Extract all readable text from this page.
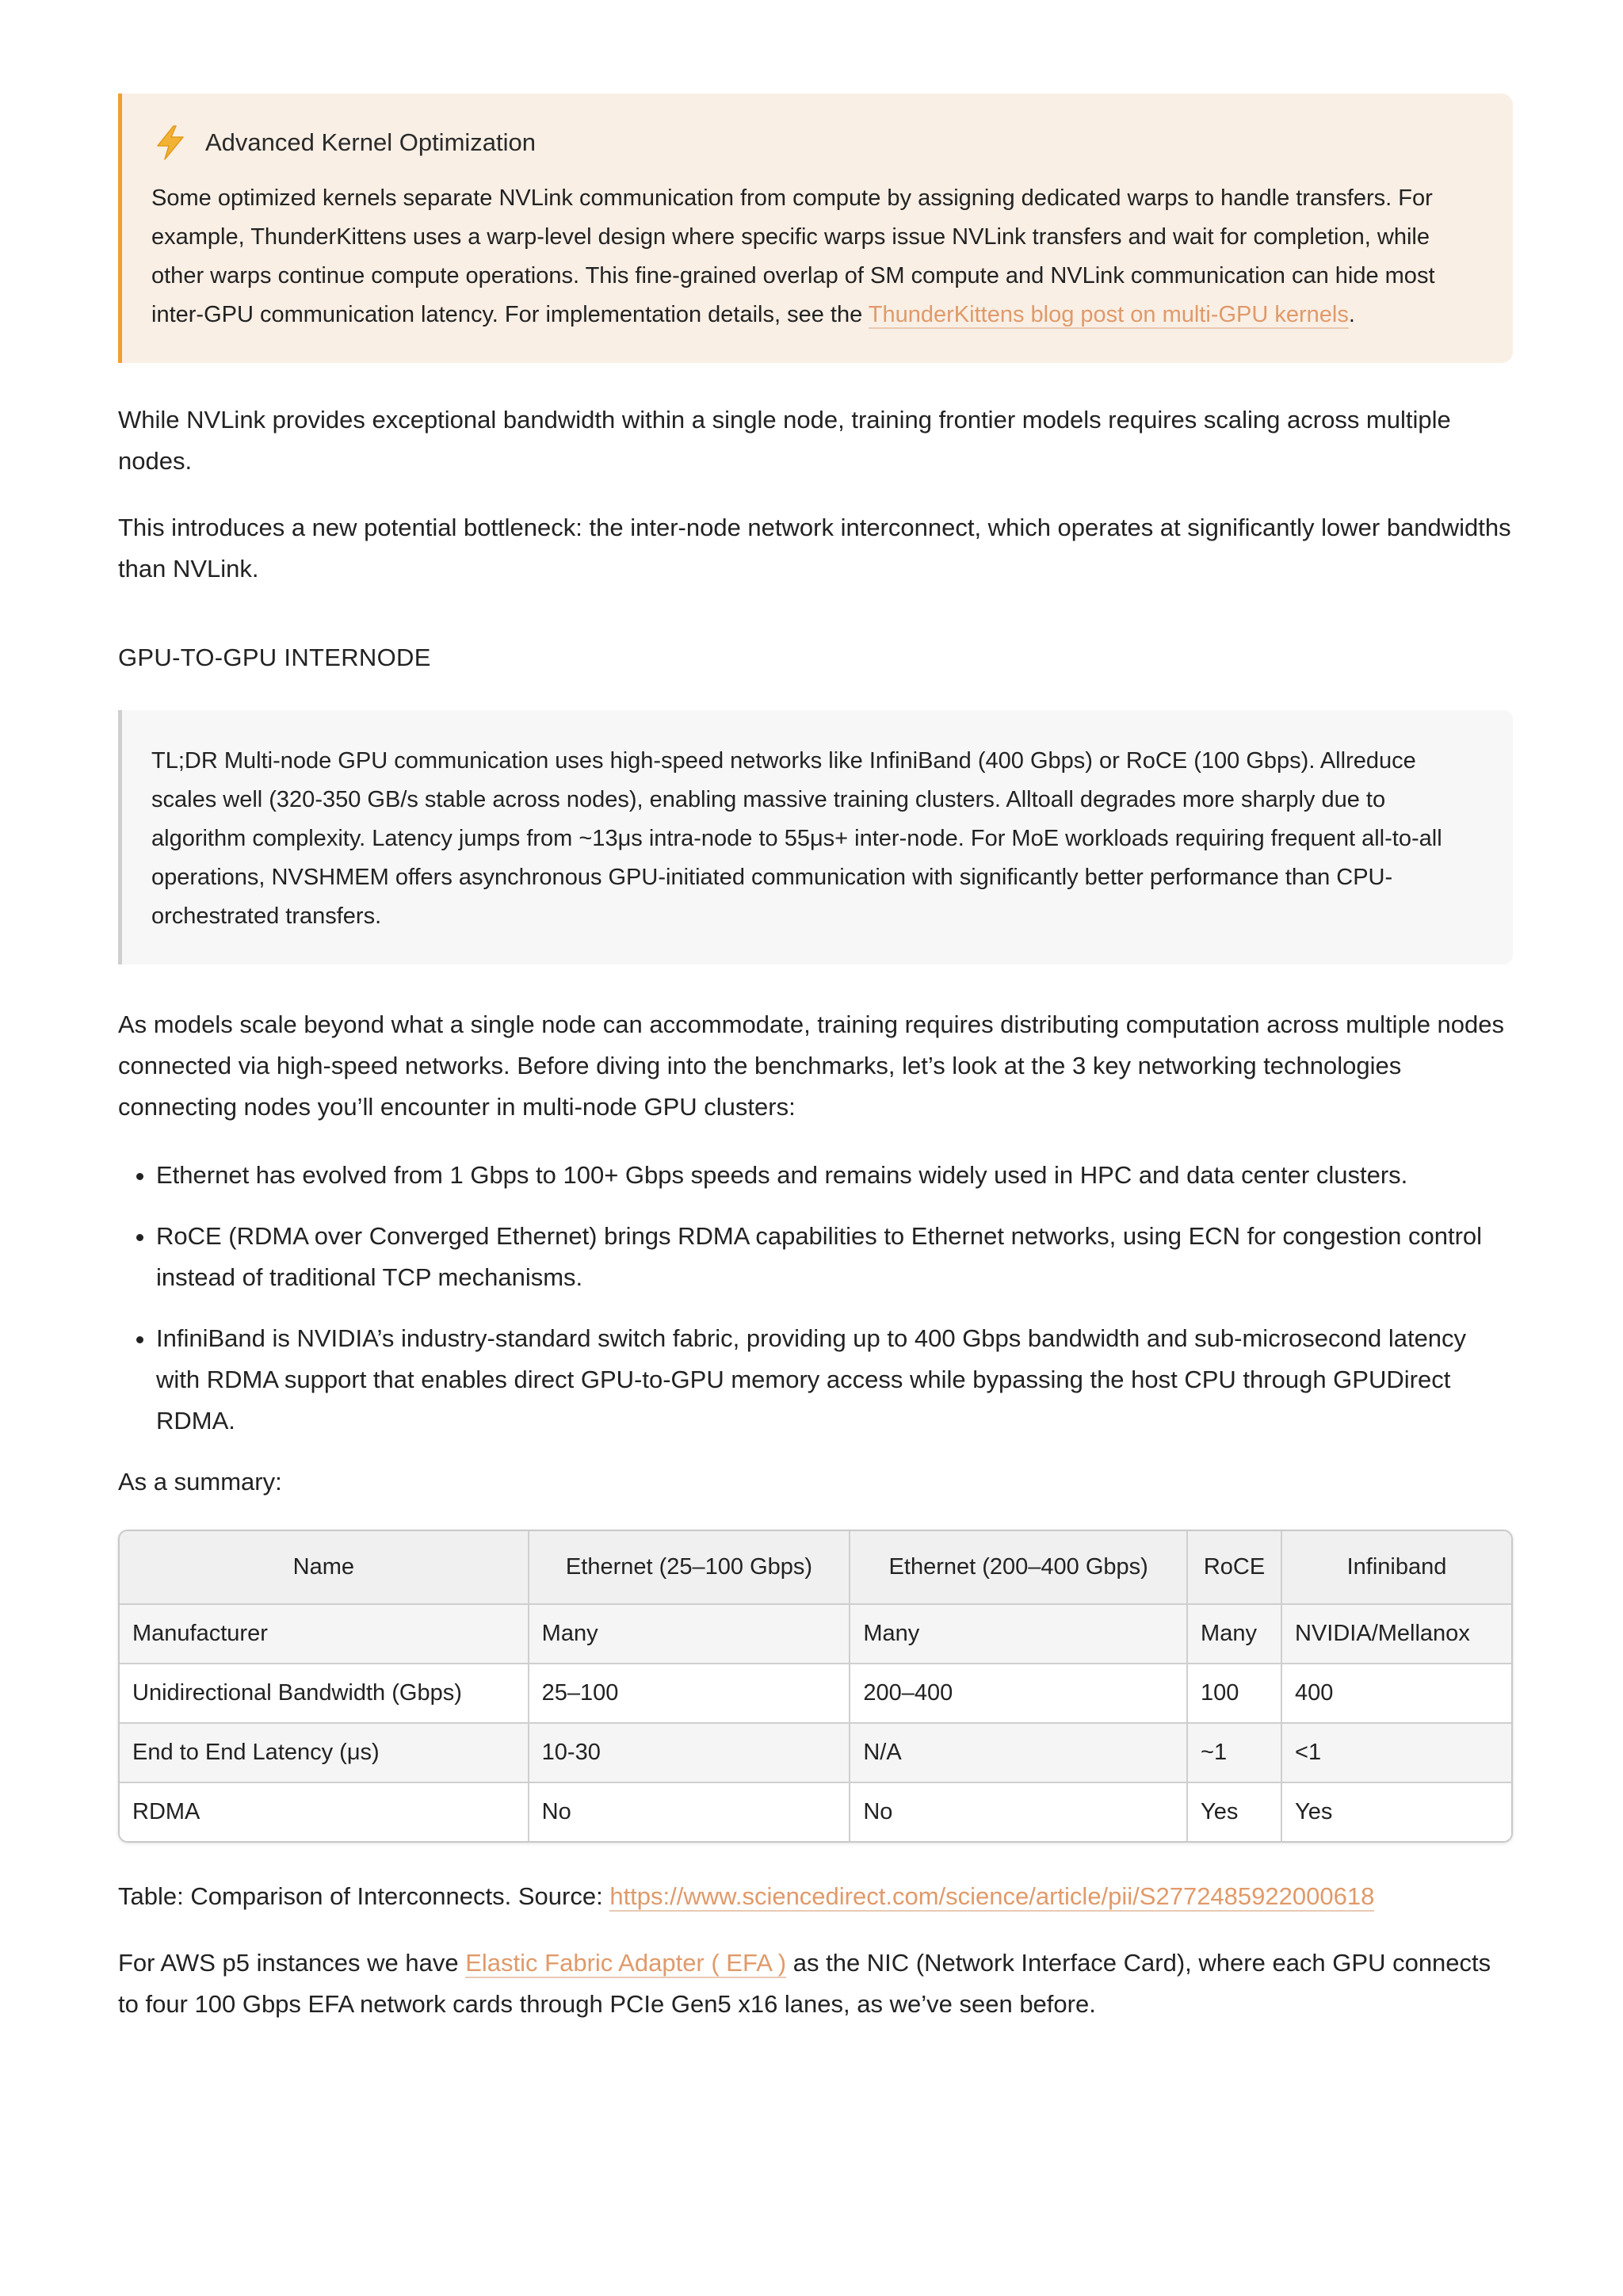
Advanced Kernel Optimization

Some optimized kernels separate NVLink communication from compute by assigning dedicated warps to handle transfers. For example, ThunderKittens uses a warp-level design where specific warps issue NVLink transfers and wait for completion, while other warps continue compute operations. This fine-grained overlap of SM compute and NVLink communication can hide most inter-GPU communication latency. For implementation details, see the ThunderKittens blog post on multi-GPU kernels.

While NVLink provides exceptional bandwidth within a single node, training frontier models requires scaling across multiple nodes.

This introduces a new potential bottleneck: the inter-node network interconnect, which operates at significantly lower bandwidths than NVLink.

GPU-TO-GPU INTERNODE

TL;DR Multi-node GPU communication uses high-speed networks like InfiniBand (400 Gbps) or RoCE (100 Gbps). Allreduce scales well (320-350 GB/s stable across nodes), enabling massive training clusters. Alltoall degrades more sharply due to algorithm complexity. Latency jumps from ~13μs intra-node to 55μs+ inter-node. For MoE workloads requiring frequent all-to-all operations, NVSHMEM offers asynchronous GPU-initiated communication with significantly better performance than CPU-orchestrated transfers.

As models scale beyond what a single node can accommodate, training requires distributing computation across multiple nodes connected via high-speed networks. Before diving into the benchmarks, let’s look at the 3 key networking technologies connecting nodes you’ll encounter in multi-node GPU clusters:

• Ethernet has evolved from 1 Gbps to 100+ Gbps speeds and remains widely used in HPC and data center clusters.
• RoCE (RDMA over Converged Ethernet) brings RDMA capabilities to Ethernet networks, using ECN for congestion control instead of traditional TCP mechanisms.
• InfiniBand is NVIDIA’s industry-standard switch fabric, providing up to 400 Gbps bandwidth and sub-microsecond latency with RDMA support that enables direct GPU-to-GPU memory access while bypassing the host CPU through GPUDirect RDMA.

As a summary:

Name	Ethernet (25–100 Gbps)	Ethernet (200–400 Gbps)	RoCE	Infiniband
Manufacturer	Many	Many	Many	NVIDIA/Mellanox
Unidirectional Bandwidth (Gbps)	25–100	200–400	100	400
End to End Latency (μs)	10-30	N/A	~1	<1
RDMA	No	No	Yes	Yes

Table: Comparison of Interconnects. Source: https://www.sciencedirect.com/science/article/pii/S2772485922000618

For AWS p5 instances we have Elastic Fabric Adapter ( EFA ) as the NIC (Network Interface Card), where each GPU connects to four 100 Gbps EFA network cards through PCIe Gen5 x16 lanes, as we’ve seen before.
